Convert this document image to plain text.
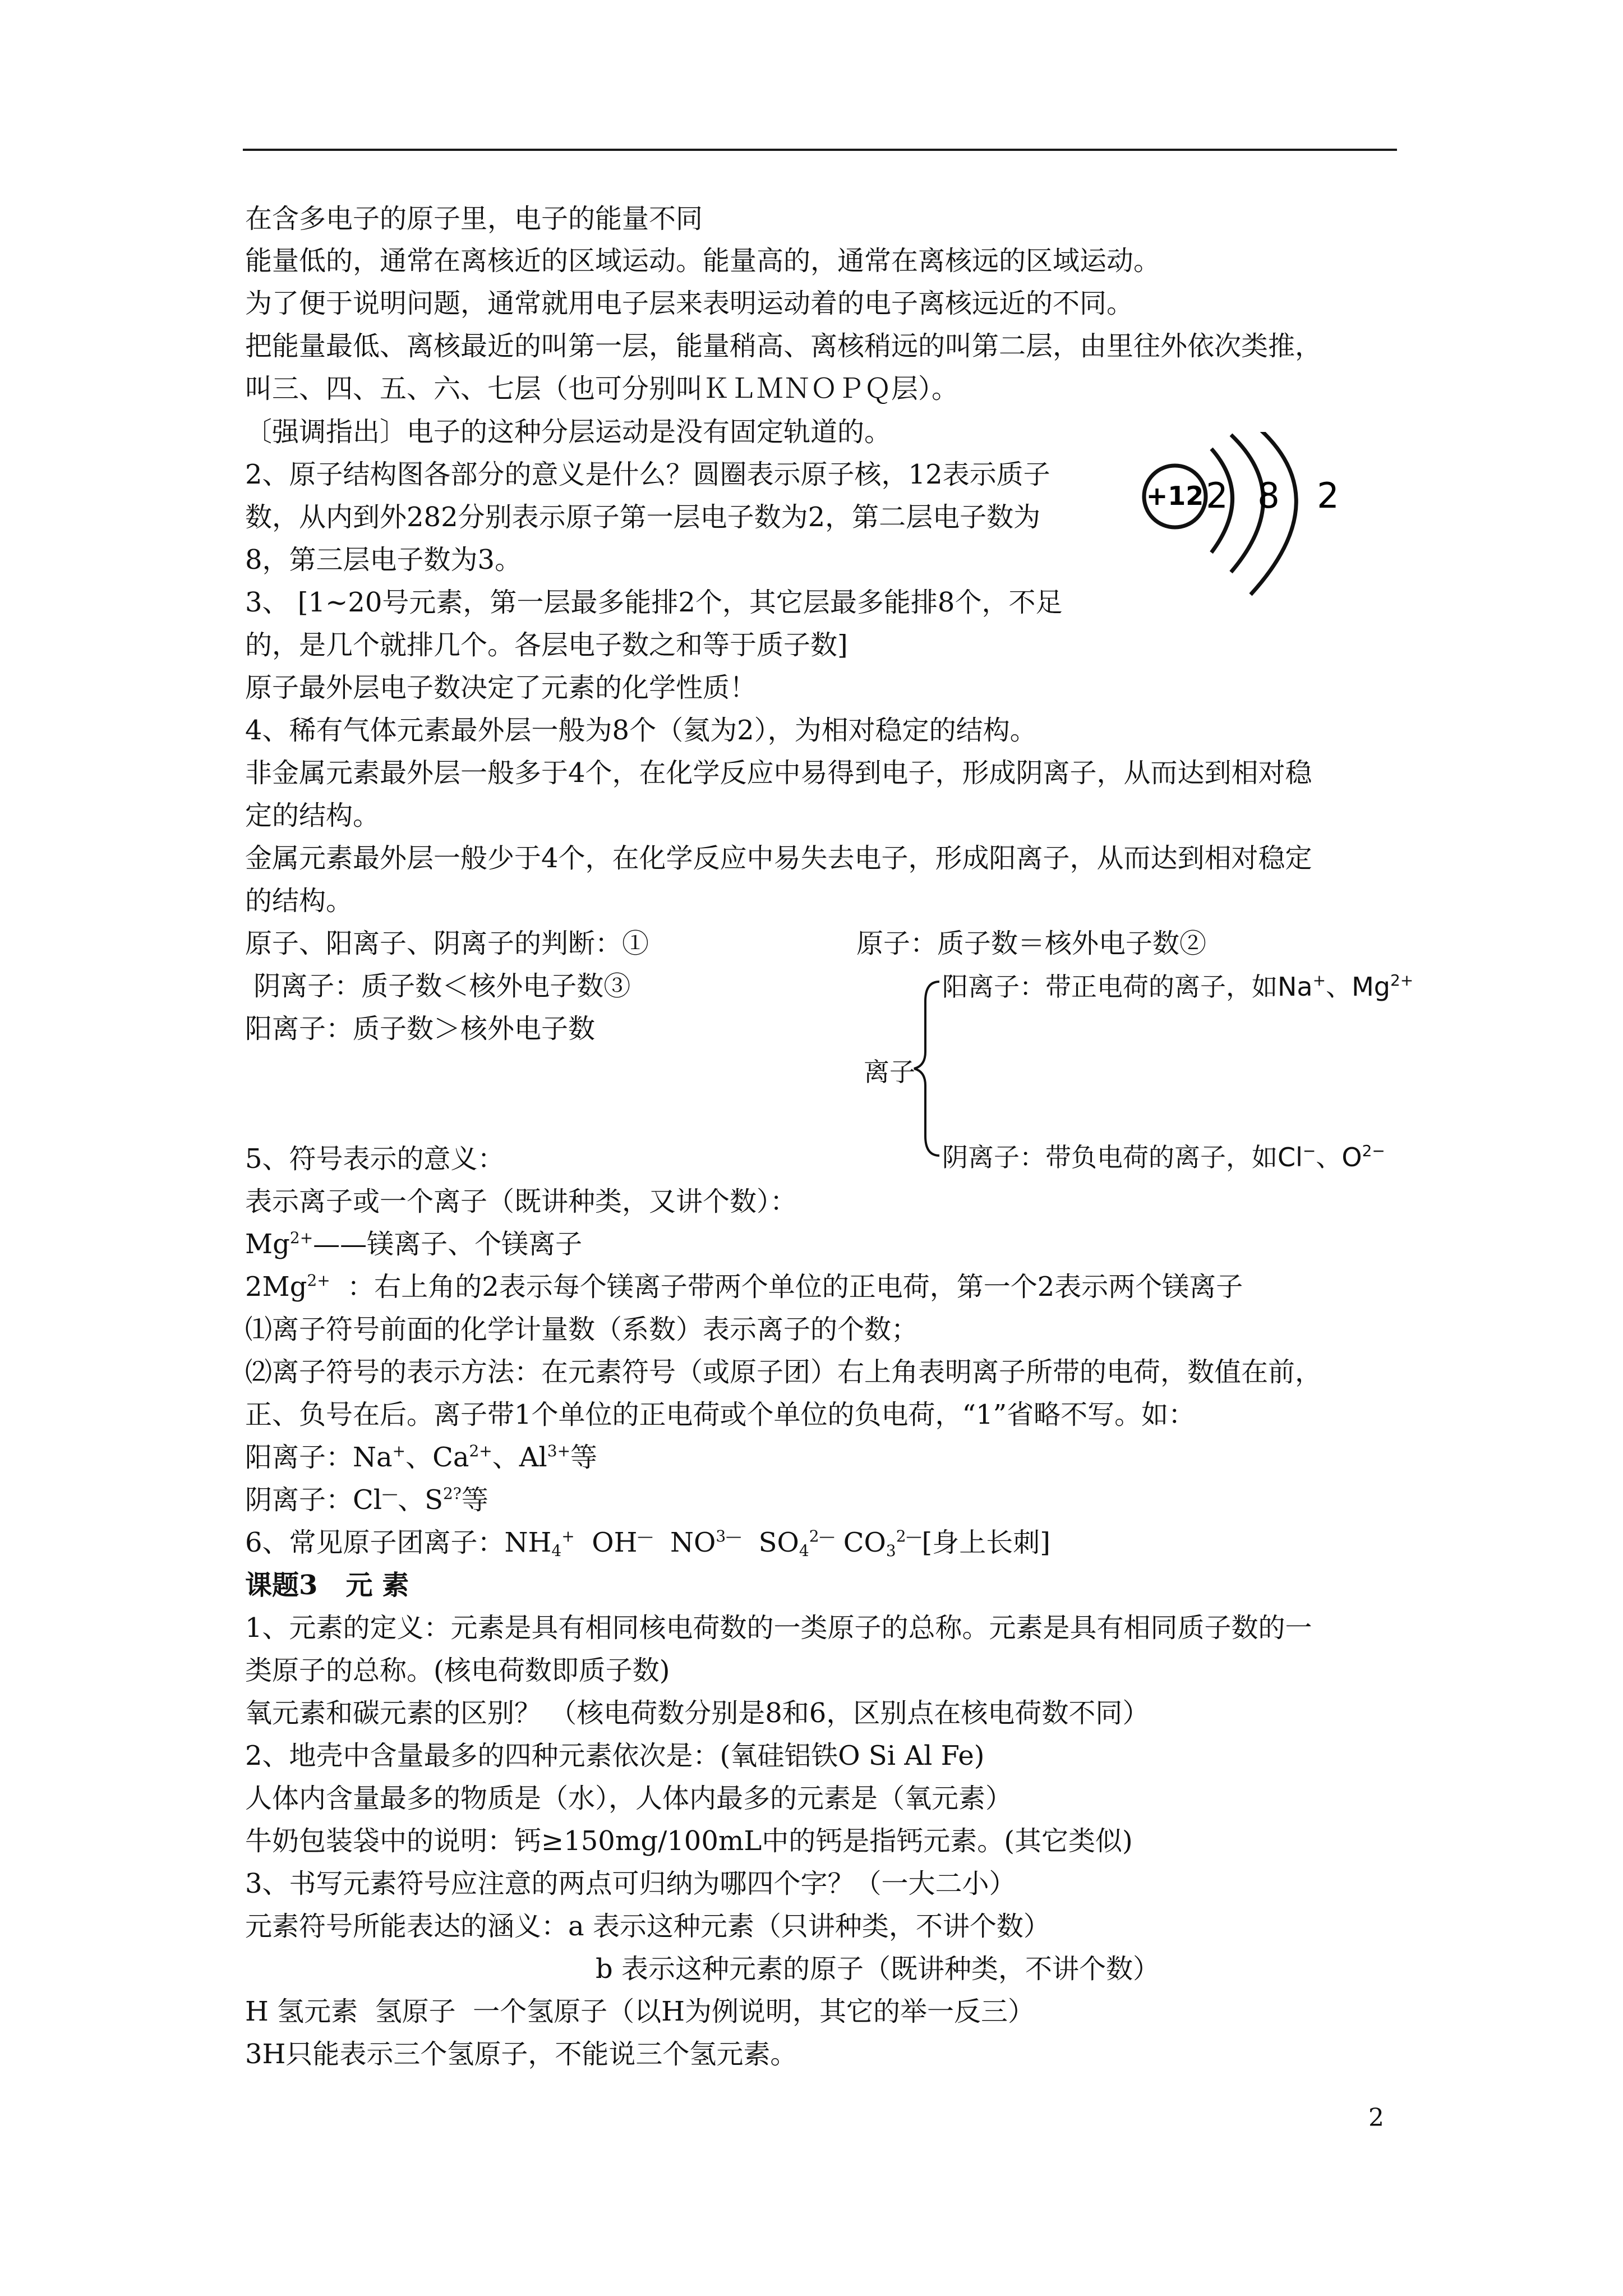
在含多电子的原子里，电子的能量不同
能量低的，通常在离核近的区域运动。能量高的，通常在离核远的区域运动。
为了便于说明问题，通常就用电子层来表明运动着的电子离核远近的不同。
把能量最低、离核最近的叫第一层，能量稍高、离核稍远的叫第二层，由里往外依次类推，
叫三、四、五、六、七层（也可分别叫ＫＬＭＮＯＰＱ层）。
〔强调指出〕电子的这种分层运动是没有固定轨道的。
2、原子结构图各部分的意义是什么？圆圈表示原子核，12表示质子
数，从内到外282分别表示原子第一层电子数为2，第二层电子数为
8，第三层电子数为3。
3、 [1~20号元素，第一层最多能排2个，其它层最多能排8个，不足
的，是几个就排几个。各层电子数之和等于质子数]
原子最外层电子数决定了元素的化学性质！
4、稀有气体元素最外层一般为8个（氦为2），为相对稳定的结构。
非金属元素最外层一般多于4个，在化学反应中易得到电子，形成阴离子，从而达到相对稳
定的结构。
金属元素最外层一般少于4个，在化学反应中易失去电子，形成阳离子，从而达到相对稳定
的结构。
原子、阳离子、阴离子的判断：①	原子：质子数＝核外电子数②
阴离子：质子数＜核外电子数③
阳离子：质子数＞核外电子数
离子
阳离子：带正电荷的离子，如Na+、$Mg^{2+}$
阴离子：带负电荷的离子，如Cl−、$O^{2-}$
5、符号表示的意义：
表示离子或一个离子（既讲种类，又讲个数）：
$Mg^{2+}——$镁离子、个镁离子
$2Mg^{2+}$  ：右上角的2表示每个镁离子带两个单位的正电荷，第一个2表示两个镁离子
⑴离子符号前面的化学计量数（系数）表示离子的个数；
⑵离子符号的表示方法：在元素符号（或原子团）右上角表明离子所带的电荷，数值在前，
正、负号在后。离子带1个单位的正电荷或个单位的负电荷，“1”省略不写。如：
阳离子：Na+、$Ca^{2+}$、$Al^{3+}$等
阴离子：Cl—、$S^{2?}$等
6、常见原子团离子：$NH_4^+$  OH—  $NO^{3—}$  $SO_4^{2—}$ $CO_3^{2—}$[身上长刺]
课题3   元 素
1、元素的定义：元素是具有相同核电荷数的一类原子的总称。元素是具有相同质子数的一
类原子的总称。(核电荷数即质子数)
氧元素和碳元素的区别？ （核电荷数分别是8和6，区别点在核电荷数不同）
2、地壳中含量最多的四种元素依次是：(氧硅铝铁O Si Al Fe)
人体内含量最多的物质是（水），人体内最多的元素是（氧元素）
牛奶包装袋中的说明：钙≥150mg/100mL中的钙是指钙元素。(其它类似)
3、书写元素符号应注意的两点可归纳为哪四个字？（一大二小）
元素符号所能表达的涵义：a 表示这种元素（只讲种类，不讲个数）
b 表示这种元素的原子（既讲种类，不讲个数）
H 氢元素  氢原子  一个氢原子（以H为例说明，其它的举一反三）
3H只能表示三个氢原子，不能说三个氢元素。
+12 2 8 2
2
